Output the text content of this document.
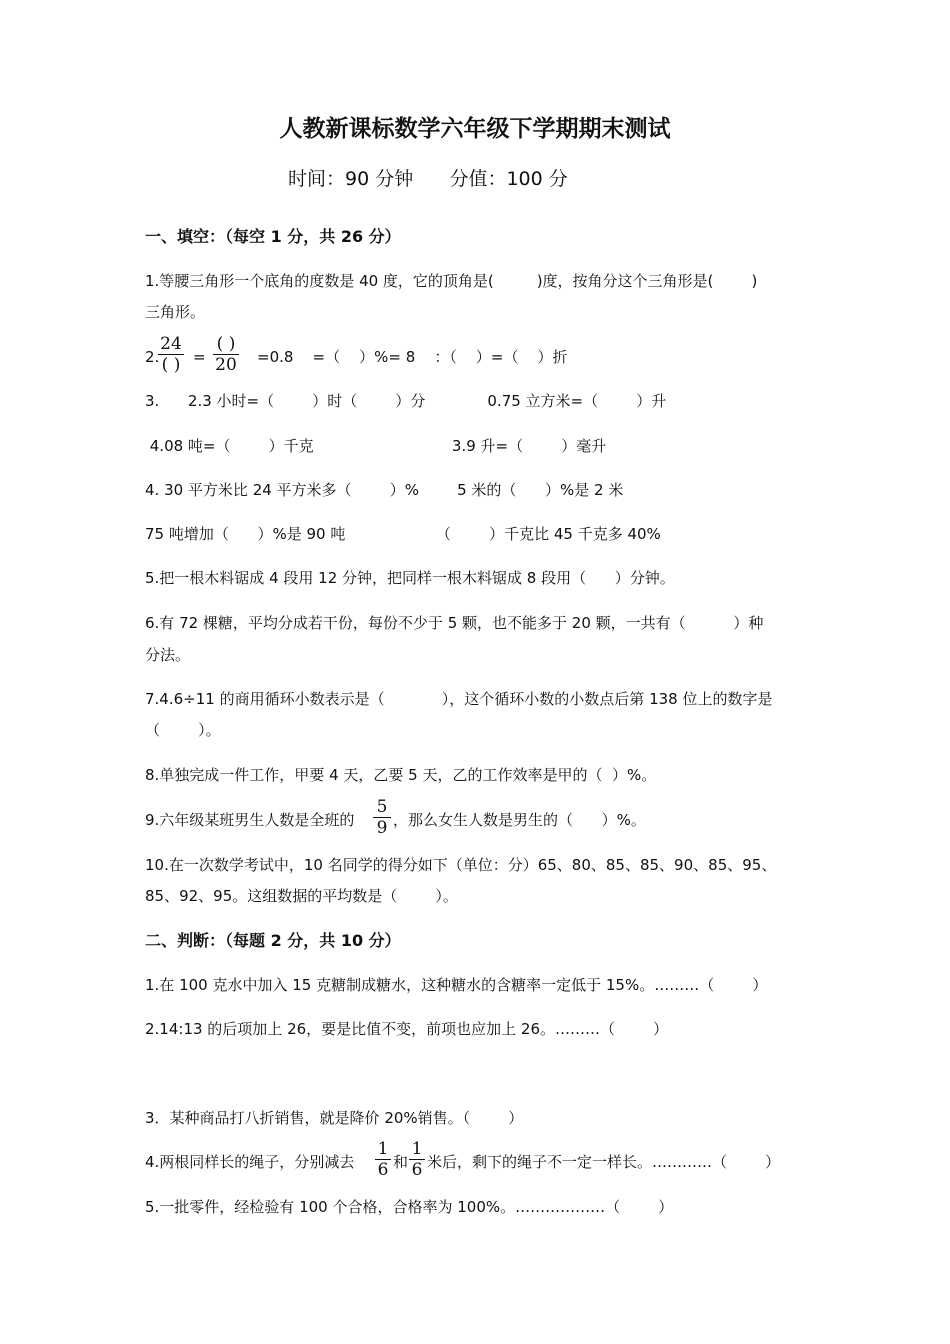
人教新课标数学六年级下学期期末测试
时间：90 分钟      分值：100 分
一、填空：（每空 1 分，共 26 分）
1.等腰三角形一个底角的度数是 40 度，它的顶角是(         )度，按角分这个三角形是(        )
三角形。
2.
24
( ) =
( )
20 =0.8    =（    ）%= 8    ：（    ）=（    ）折
3.      2.3 小时=（        ）时（        ）分             0.75 立方米=（        ）升
4.08 吨=（        ）千克                             3.9 升=（        ）毫升
4. 30 平方米比 24 平方米多（        ）%        5 米的（      ）%是 2 米
75 吨增加（      ）%是 90 吨                   （        ）千克比 45 千克多 40%
5.把一根木料锯成 4 段用 12 分钟，把同样一根木料锯成 8 段用（      ）分钟。
6.有 72 棵糖，平均分成若干份，每份不少于 5 颗，也不能多于 20 颗，一共有（          ）种
分法。
7.4.6÷11 的商用循环小数表示是（            ），这个循环小数的小数点后第 138 位上的数字是
（        ）。
8.单独完成一件工作，甲要 4 天，乙要 5 天，乙的工作效率是甲的（  ）%。
9.六年级某班男生人数是全班的 $\frac{5}{9}$ ，那么女生人数是男生的（      ）%。
10.在一次数学考试中，10 名同学的得分如下（单位：分）65、80、85、85、90、85、95、
85、92、95。这组数据的平均数是（        ）。
二、判断：（每题 2 分，共 10 分）
1.在 100 克水中加入 15 克糖制成糖水，这种糖水的含糖率一定低于 15%。………（        ）
2.14:13 的后项加上 26，要是比值不变，前项也应加上 26。………（        ）
3．某种商品打八折销售，就是降价 20%销售。（        ）
4.两根同样长的绳子，分别减去 $\frac{1}{6}$ 和 $\frac{1}{6}$ 米后，剩下的绳子不一定一样长。…………（        ）
5.一批零件，经检验有 100 个合格，合格率为 100%。………………（        ）
